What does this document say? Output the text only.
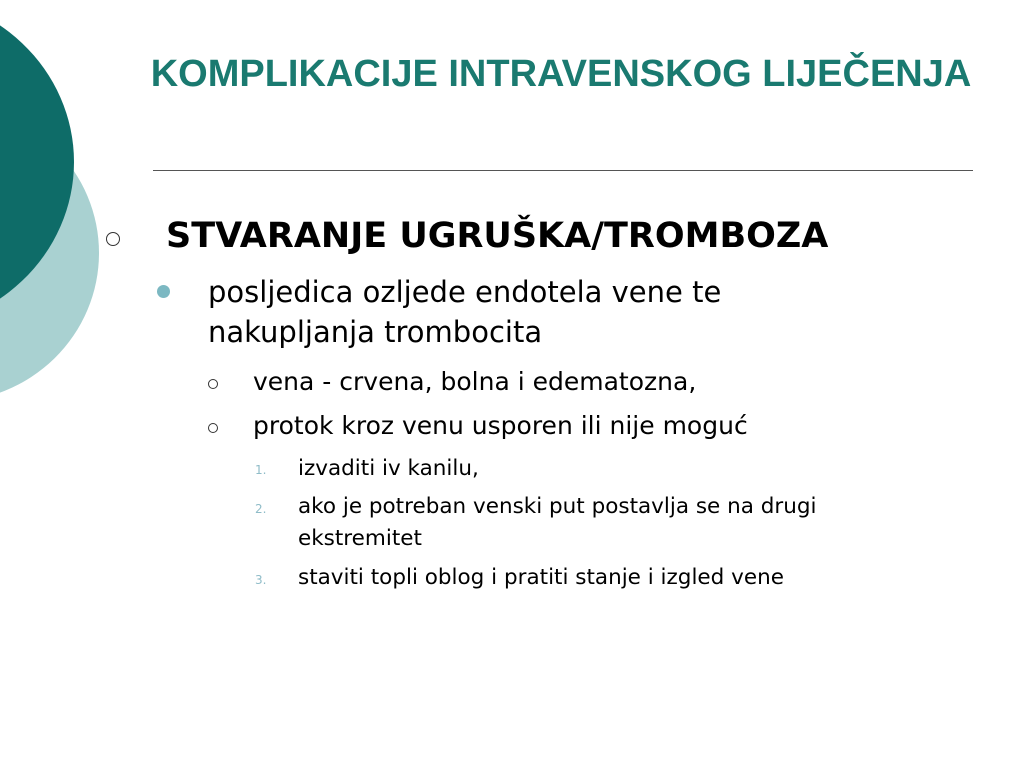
KOMPLIKACIJE INTRAVENSKOG LIJEČENJA
STVARANJE UGRUŠKA/TROMBOZA
posljedica ozljede endotela vene te
nakupljanja trombocita
vena - crvena, bolna i edematozna,
protok kroz venu usporen ili nije moguć
1. izvaditi iv kanilu,
2. ako je potreban venski put postavlja se na drugi
ekstremitet
3. staviti topli oblog i pratiti stanje i izgled vene
